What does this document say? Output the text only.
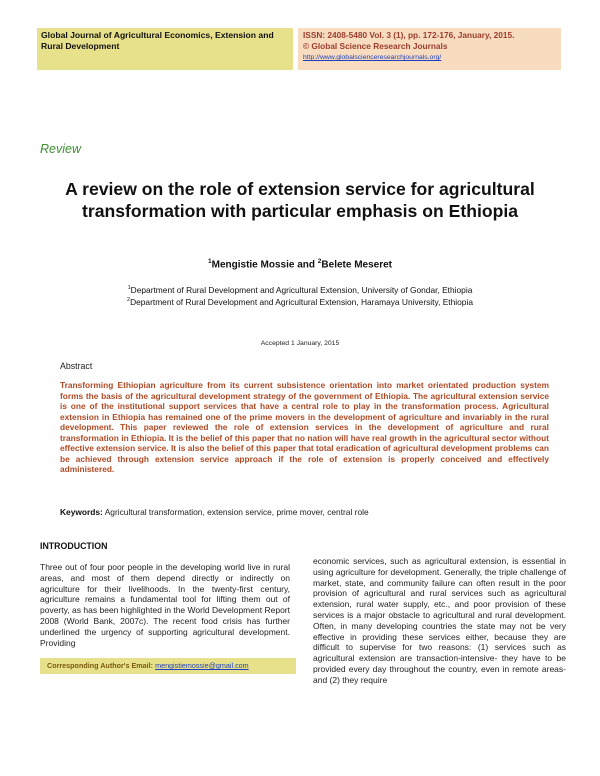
Global Journal of Agricultural Economics, Extension and Rural Development
ISSN: 2408-5480 Vol. 3 (1), pp. 172-176, January, 2015.
© Global Science Research Journals
http://www.globalscienceresearchjournals.org/
Review
A review on the role of extension service for agricultural transformation with particular emphasis on Ethiopia
$^1$Mengistie Mossie and $^2$Belete Meseret
$^1$Department of Rural Development and Agricultural Extension, University of Gondar, Ethiopia
$^2$Department of Rural Development and Agricultural Extension, Haramaya University, Ethiopia
Accepted 1 January, 2015
Abstract
Transforming Ethiopian agriculture from its current subsistence orientation into market orientated production system forms the basis of the agricultural development strategy of the government of Ethiopia. The agricultural extension service is one of the institutional support services that have a central role to play in the transformation process. Agricultural extension in Ethiopia has remained one of the prime movers in the development of agriculture and invariably in the rural development. This paper reviewed the role of extension services in the development of agriculture and rural transformation in Ethiopia. It is the belief of this paper that no nation will have real growth in the agricultural sector without effective extension service. It is also the belief of this paper that total eradication of agricultural development problems can be achieved through extension service approach if the role of extension is properly conceived and effectively administered.
Keywords: Agricultural transformation, extension service, prime mover, central role
INTRODUCTION
Three out of four poor people in the developing world live in rural areas, and most of them depend directly or indirectly on agriculture for their livelihoods. In the twenty-first century, agriculture remains a fundamental tool for lifting them out of poverty, as has been highlighted in the World Development Report 2008 (World Bank, 2007c). The recent food crisis has further underlined the urgency of supporting agricultural development. Providing
economic services, such as agricultural extension, is essential in using agriculture for development. Generally, the triple challenge of market, state, and community failure can often result in the poor provision of agricultural and rural services such as agricultural extension, rural water supply, etc., and poor provision of these services is a major obstacle to agricultural and rural development. Often, in many developing countries the state may not be very effective in providing these services either, because they are difficult to supervise for two reasons: (1) services such as agricultural extension are transaction-intensive- they have to be provided every day throughout the country, even in remote areas-and (2) they require
Corresponding Author's Email: mengistiemossie@gmail.com
